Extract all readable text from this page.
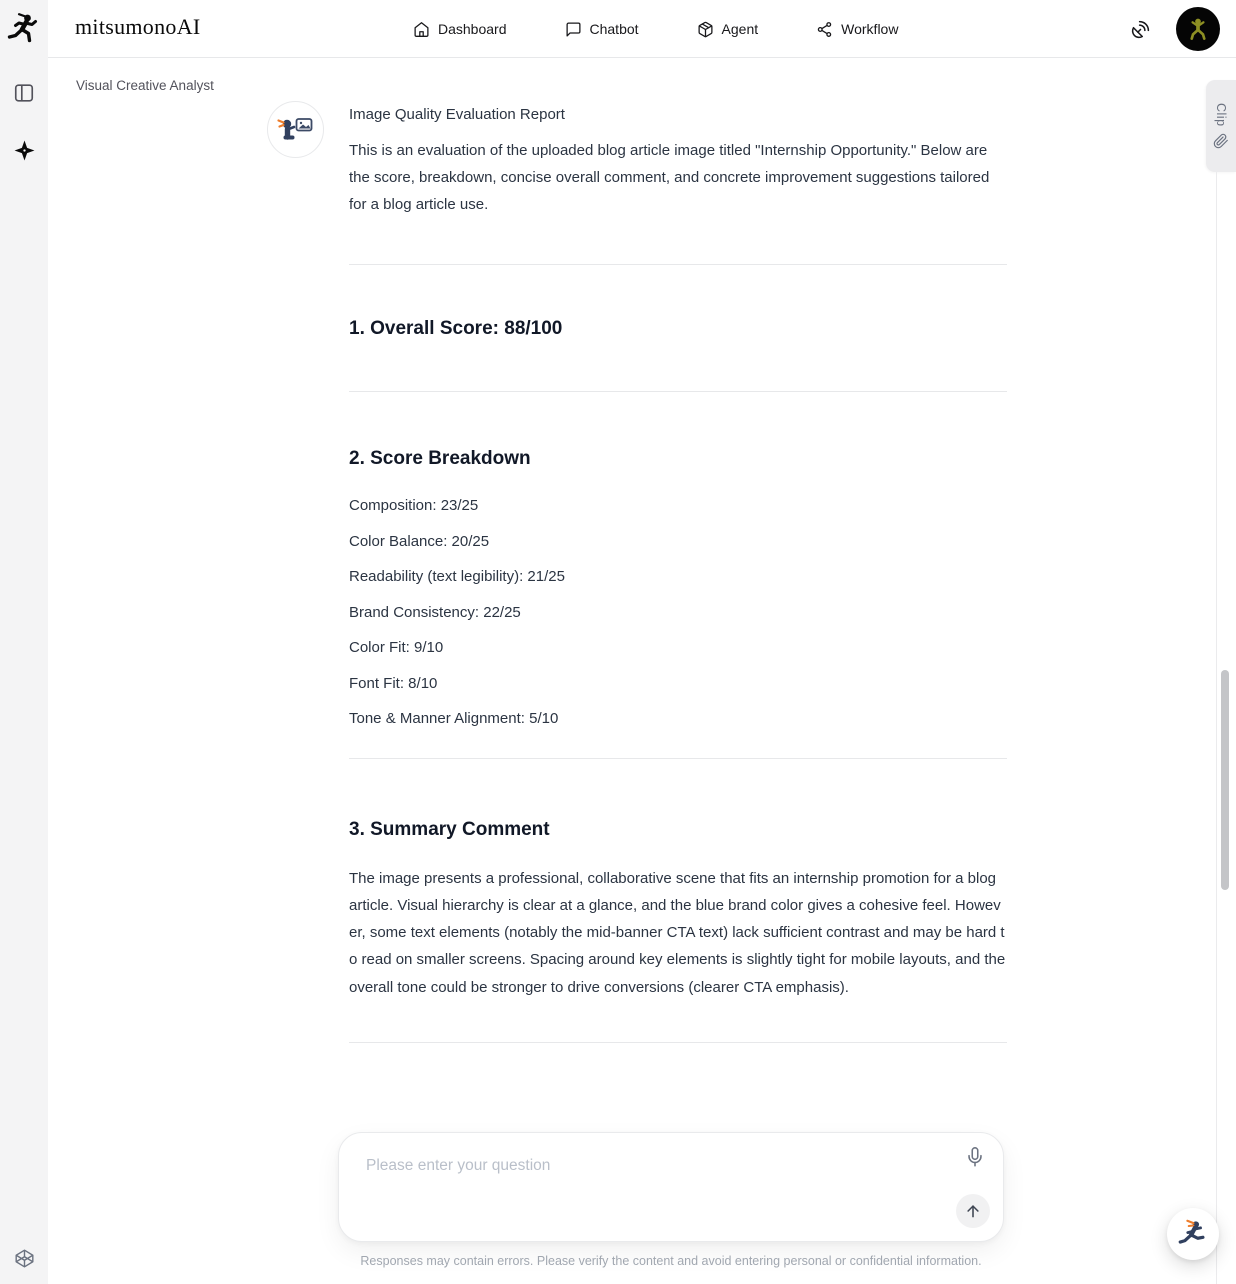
mitsumonoAI	Dashboard	Chatbot	Agent	Workflow
Visual Creative Analyst

Image Quality Evaluation Report

This is an evaluation of the uploaded blog article image titled "Internship Opportunity." Below are the score, breakdown, concise overall comment, and concrete improvement suggestions tailored for a blog article use.

1. Overall Score: 88/100
2. Score Breakdown

Composition: 23/25

Color Balance: 20/25

Readability (text legibility): 21/25

Brand Consistency: 22/25

Color Fit: 9/10

Font Fit: 8/10

Tone & Manner Alignment: 5/10

3. Summary Comment

The image presents a professional, collaborative scene that fits an internship promotion for a blog article. Visual hierarchy is clear at a glance, and the blue brand color gives a cohesive feel. However, some text elements (notably the mid-banner CTA text) lack sufficient contrast and may be hard to read on smaller screens. Spacing around key elements is slightly tight for mobile layouts, and the overall tone could be stronger to drive conversions (clearer CTA emphasis).

Clip
Please enter your question
Responses may contain errors. Please verify the content and avoid entering personal or confidential information.
